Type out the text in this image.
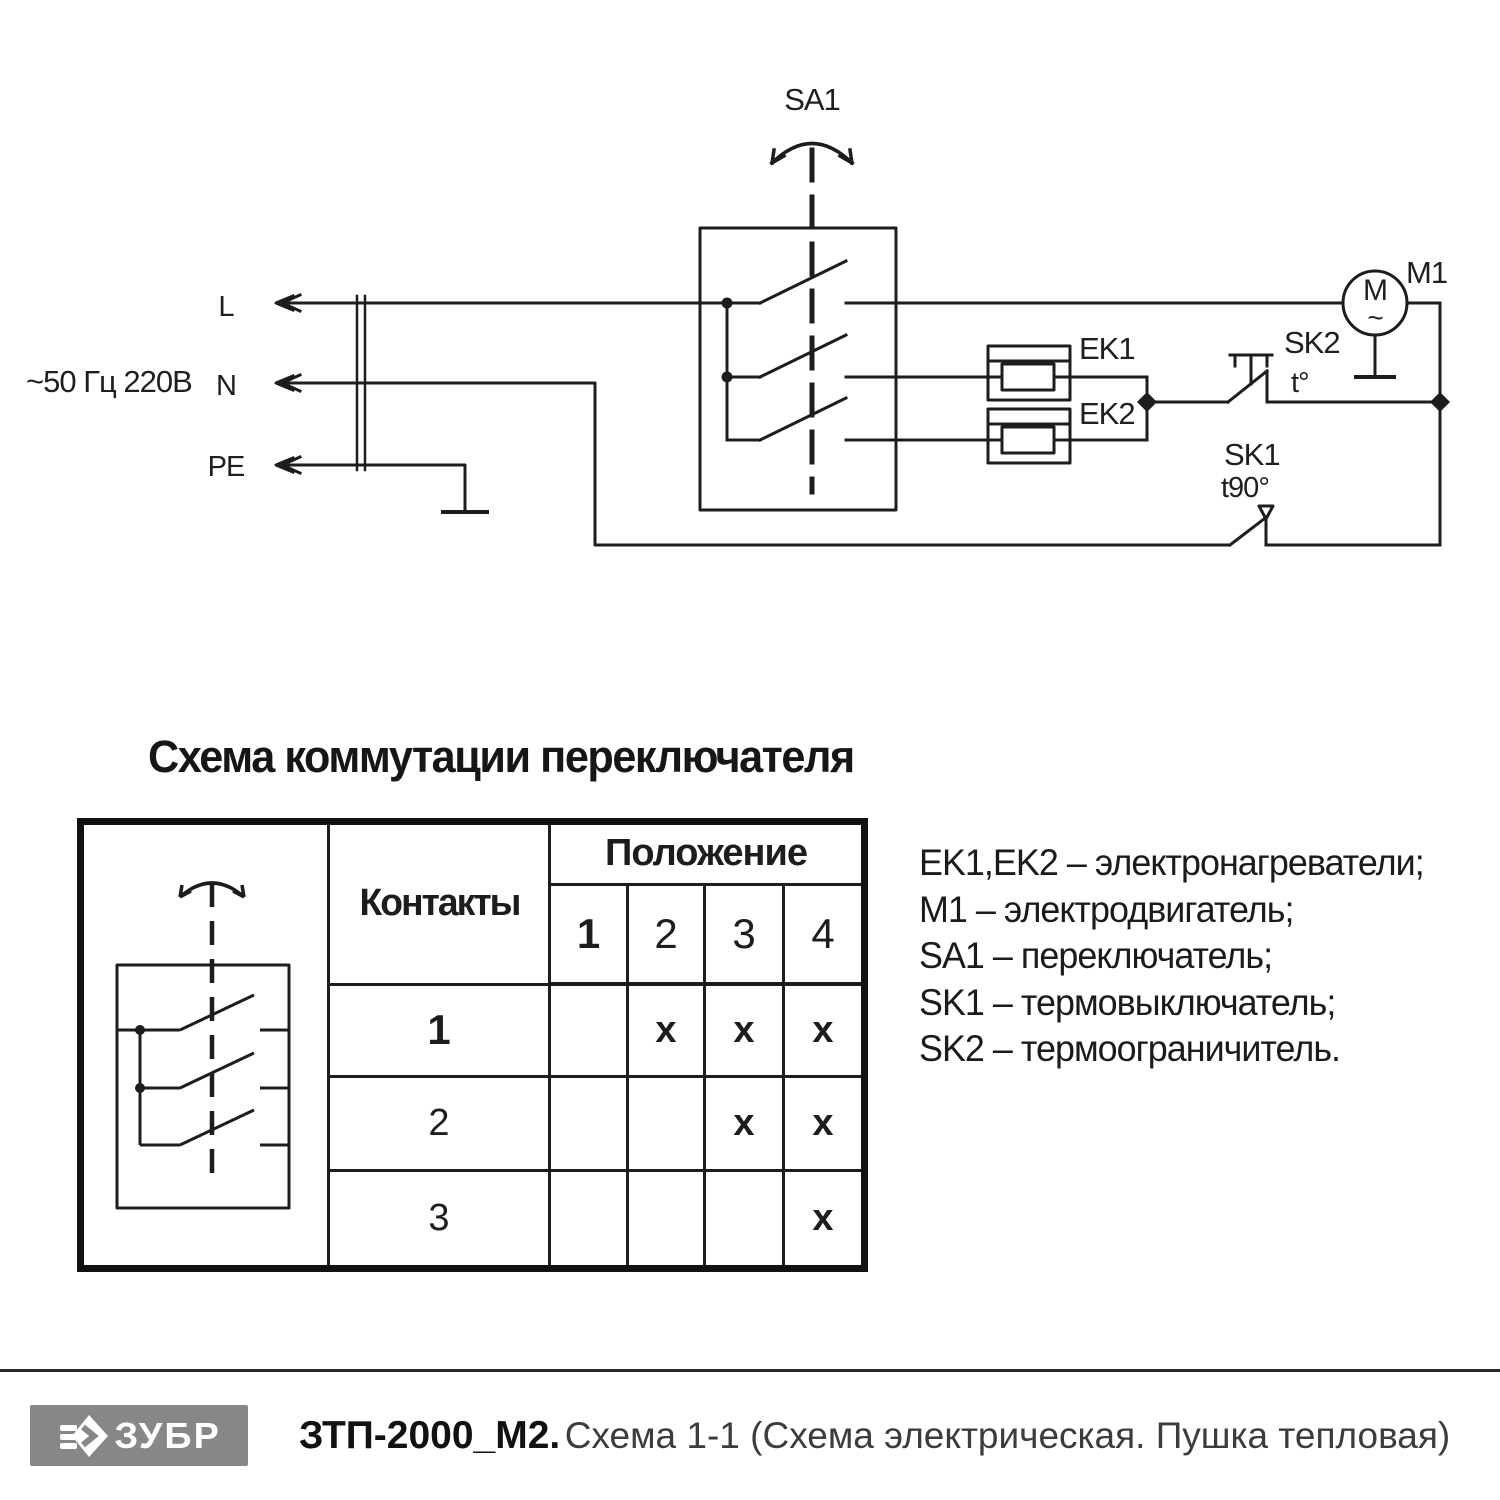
SA1
~50 Гц 220В
L
N
PE
EK1
EK2
SK2
t°
SK1
t90°
M1
M
~
Схема коммутации переключателя
	Контакты	Положение			
		1	2	3	4
	1		x	x	x
	2			x	x
	3				x
EK1,EK2 – электронагреватели;
M1 – электродвигатель;
SA1 – переключатель;
SK1 – термовыключатель;
SK2 – термоограничитель.
ЗУБР ЗТП-2000_М2. Схема 1-1 (Схема электрическая. Пушка тепловая)
